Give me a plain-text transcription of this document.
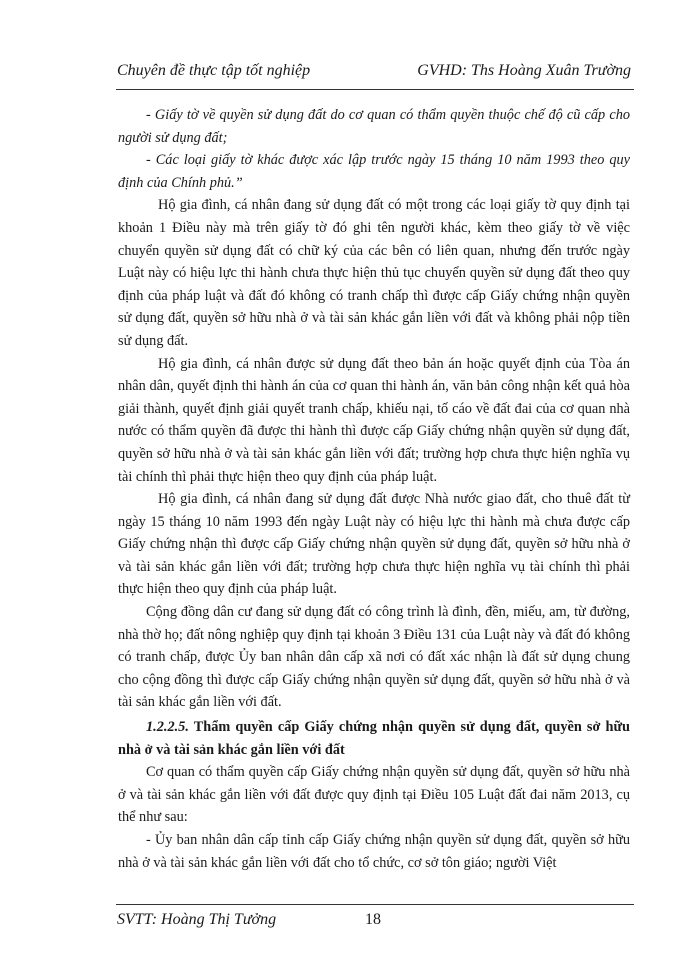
Chuyên đề thực tập tốt nghiệp	GVHD: Ths Hoàng Xuân Trường

- Giấy tờ về quyền sử dụng đất do cơ quan có thẩm quyền thuộc chế độ cũ cấp cho người sử dụng đất;

- Các loại giấy tờ khác được xác lập trước ngày 15 tháng 10 năm 1993 theo quy định của Chính phủ.”

Hộ gia đình, cá nhân đang sử dụng đất có một trong các loại giấy tờ quy định tại khoản 1 Điều này mà trên giấy tờ đó ghi tên người khác, kèm theo giấy tờ về việc chuyển quyền sử dụng đất có chữ ký của các bên có liên quan, nhưng đến trước ngày Luật này có hiệu lực thi hành chưa thực hiện thủ tục chuyển quyền sử dụng đất theo quy định của pháp luật và đất đó không có tranh chấp thì được cấp Giấy chứng nhận quyền sử dụng đất, quyền sở hữu nhà ở và tài sản khác gắn liền với đất và không phải nộp tiền sử dụng đất.

Hộ gia đình, cá nhân được sử dụng đất theo bản án hoặc quyết định của Tòa án nhân dân, quyết định thi hành án của cơ quan thi hành án, văn bản công nhận kết quả hòa giải thành, quyết định giải quyết tranh chấp, khiếu nại, tố cáo về đất đai của cơ quan nhà nước có thẩm quyền đã được thi hành thì được cấp Giấy chứng nhận quyền sử dụng đất, quyền sở hữu nhà ở và tài sản khác gắn liền với đất; trường hợp chưa thực hiện nghĩa vụ tài chính thì phải thực hiện theo quy định của pháp luật.

Hộ gia đình, cá nhân đang sử dụng đất được Nhà nước giao đất, cho thuê đất từ ngày 15 tháng 10 năm 1993 đến ngày Luật này có hiệu lực thi hành mà chưa được cấp Giấy chứng nhận thì được cấp Giấy chứng nhận quyền sử dụng đất, quyền sở hữu nhà ở và tài sản khác gắn liền với đất; trường hợp chưa thực hiện nghĩa vụ tài chính thì phải thực hiện theo quy định của pháp luật.

Cộng đồng dân cư đang sử dụng đất có công trình là đình, đền, miếu, am, từ đường, nhà thờ họ; đất nông nghiệp quy định tại khoản 3 Điều 131 của Luật này và đất đó không có tranh chấp, được Ủy ban nhân dân cấp xã nơi có đất xác nhận là đất sử dụng chung cho cộng đồng thì được cấp Giấy chứng nhận quyền sử dụng đất, quyền sở hữu nhà ở và tài sản khác gắn liền với đất.

1.2.2.5. Thẩm quyền cấp Giấy chứng nhận quyền sử dụng đất, quyền sở hữu nhà ở và tài sản khác gắn liền với đất

Cơ quan có thẩm quyền cấp Giấy chứng nhận quyền sử dụng đất, quyền sở hữu nhà ở và tài sản khác gắn liền với đất được quy định tại Điều 105 Luật đất đai năm 2013, cụ thể như sau:

- Ủy ban nhân dân cấp tỉnh cấp Giấy chứng nhận quyền sử dụng đất, quyền sở hữu nhà ở và tài sản khác gắn liền với đất cho tổ chức, cơ sở tôn giáo; người Việt

SVTT: Hoàng Thị Tưởng	18
